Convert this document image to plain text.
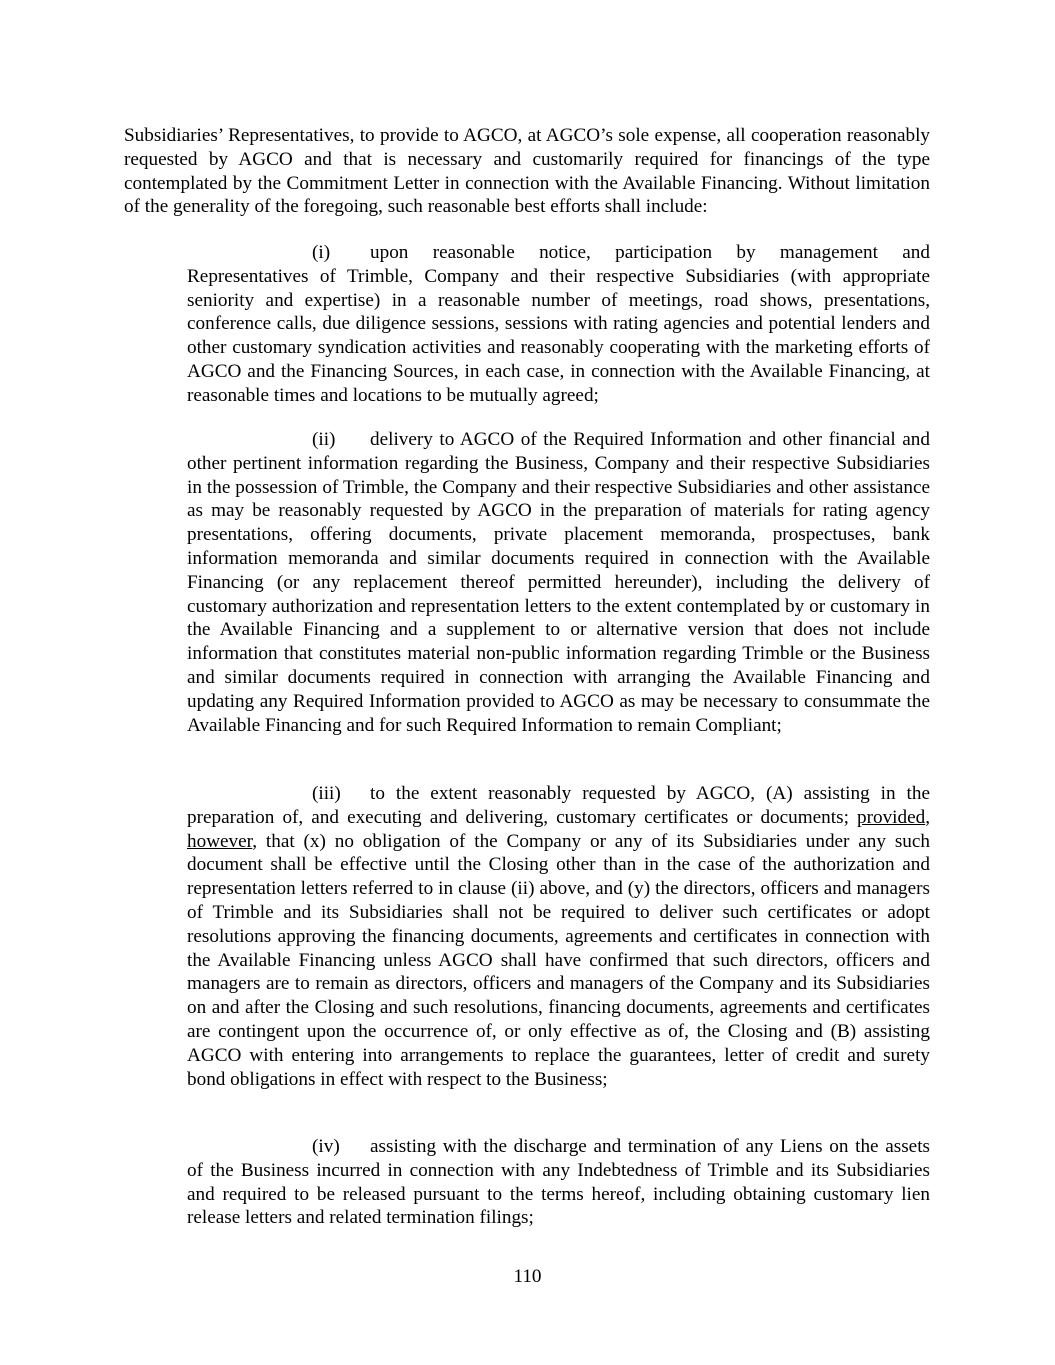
Subsidiaries’ Representatives, to provide to AGCO, at AGCO’s sole expense, all cooperation reasonably requested by AGCO and that is necessary and customarily required for financings of the type contemplated by the Commitment Letter in connection with the Available Financing. Without limitation of the generality of the foregoing, such reasonable best efforts shall include:

(i) upon reasonable notice, participation by management and Representatives of Trimble, Company and their respective Subsidiaries (with appropriate seniority and expertise) in a reasonable number of meetings, road shows, presentations, conference calls, due diligence sessions, sessions with rating agencies and potential lenders and other customary syndication activities and reasonably cooperating with the marketing efforts of AGCO and the Financing Sources, in each case, in connection with the Available Financing, at reasonable times and locations to be mutually agreed;

(ii) delivery to AGCO of the Required Information and other financial and other pertinent information regarding the Business, Company and their respective Subsidiaries in the possession of Trimble, the Company and their respective Subsidiaries and other assistance as may be reasonably requested by AGCO in the preparation of materials for rating agency presentations, offering documents, private placement memoranda, prospectuses, bank information memoranda and similar documents required in connection with the Available Financing (or any replacement thereof permitted hereunder), including the delivery of customary authorization and representation letters to the extent contemplated by or customary in the Available Financing and a supplement to or alternative version that does not include information that constitutes material non-public information regarding Trimble or the Business and similar documents required in connection with arranging the Available Financing and updating any Required Information provided to AGCO as may be necessary to consummate the Available Financing and for such Required Information to remain Compliant;

(iii) to the extent reasonably requested by AGCO, (A) assisting in the preparation of, and executing and delivering, customary certificates or documents; provided, however, that (x) no obligation of the Company or any of its Subsidiaries under any such document shall be effective until the Closing other than in the case of the authorization and representation letters referred to in clause (ii) above, and (y) the directors, officers and managers of Trimble and its Subsidiaries shall not be required to deliver such certificates or adopt resolutions approving the financing documents, agreements and certificates in connection with the Available Financing unless AGCO shall have confirmed that such directors, officers and managers are to remain as directors, officers and managers of the Company and its Subsidiaries on and after the Closing and such resolutions, financing documents, agreements and certificates are contingent upon the occurrence of, or only effective as of, the Closing and (B) assisting AGCO with entering into arrangements to replace the guarantees, letter of credit and surety bond obligations in effect with respect to the Business;

(iv) assisting with the discharge and termination of any Liens on the assets of the Business incurred in connection with any Indebtedness of Trimble and its Subsidiaries and required to be released pursuant to the terms hereof, including obtaining customary lien release letters and related termination filings;

110
